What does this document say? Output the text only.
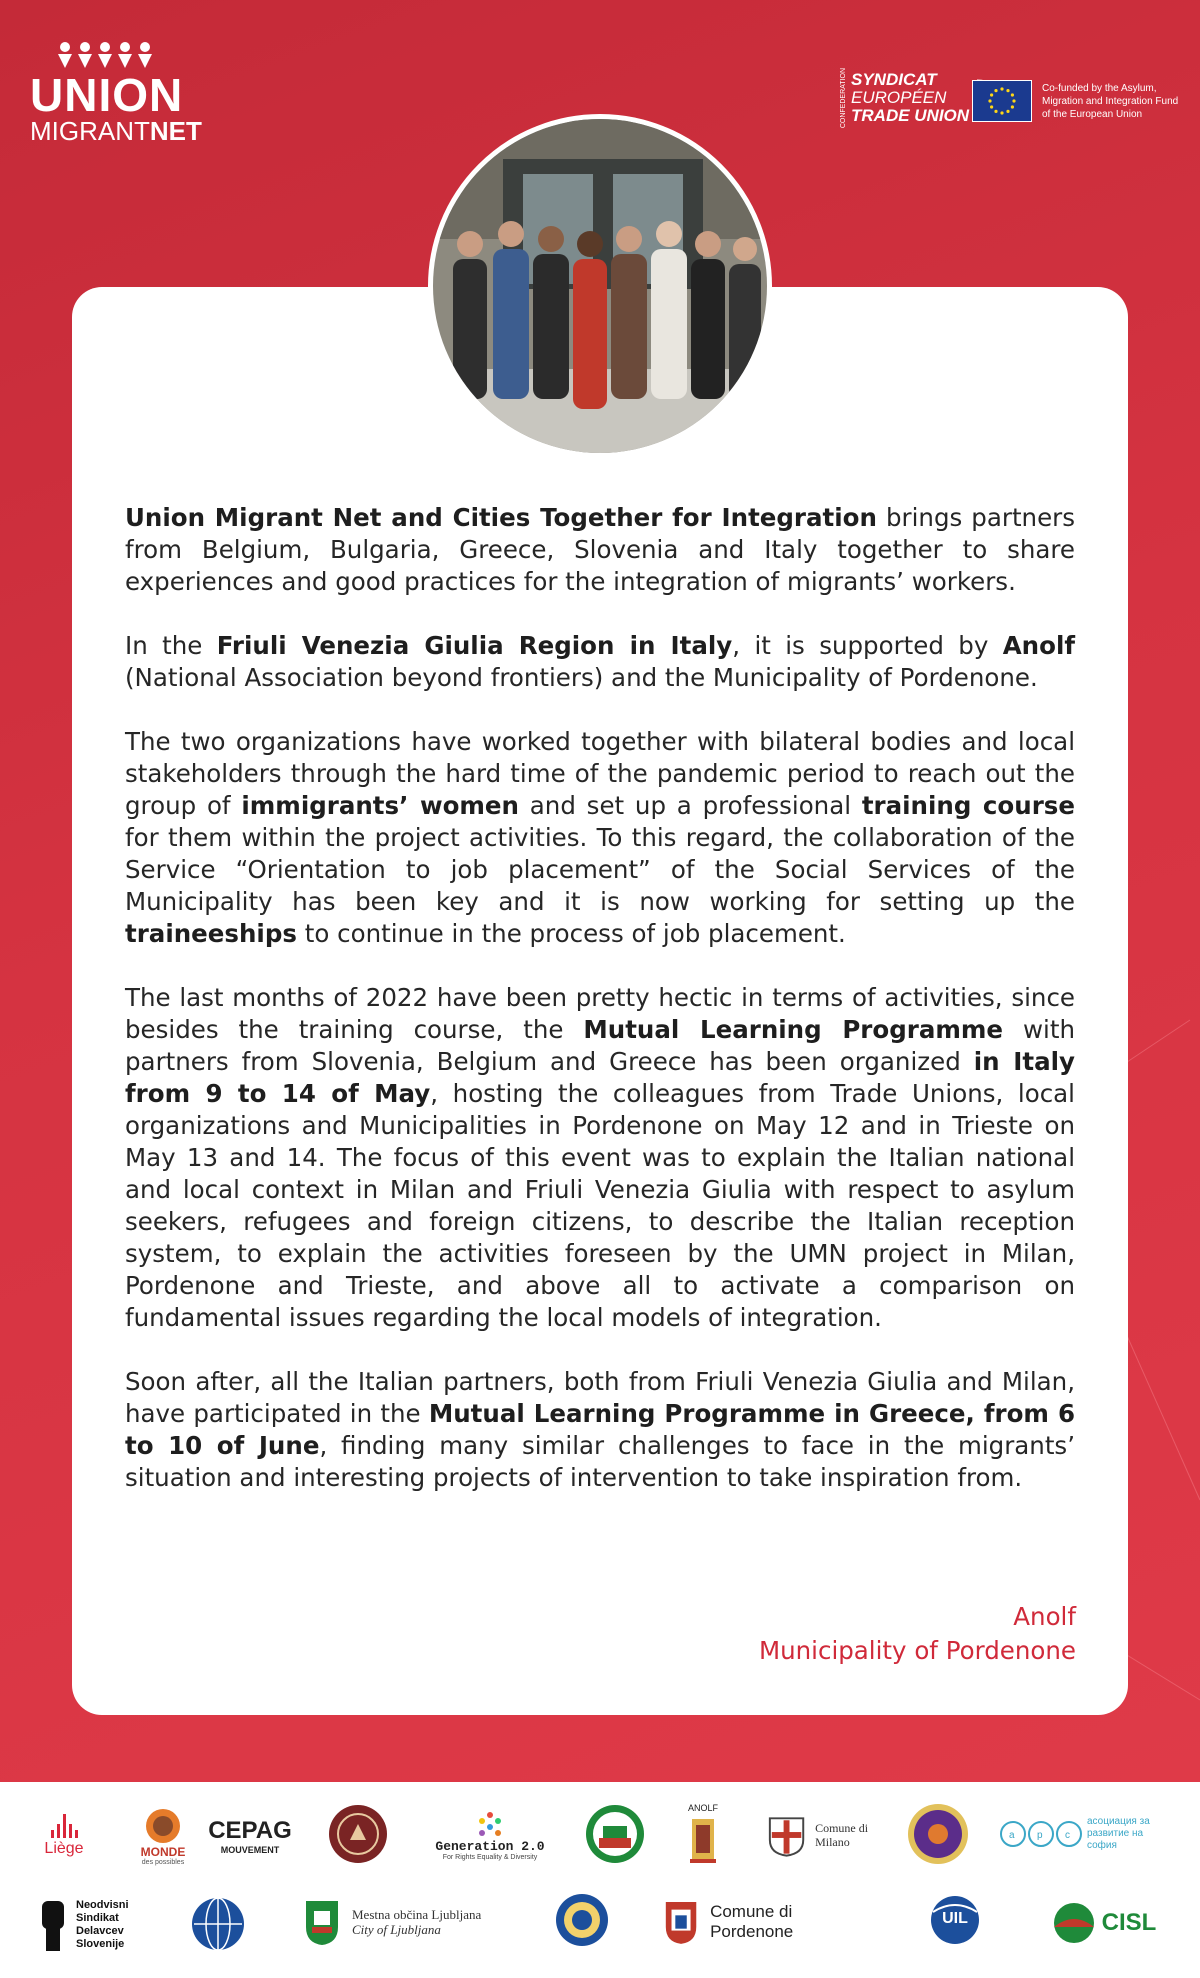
UNION
MIGRANTNET
CONFEDERATION SYNDICAT
EUROPÉEN
TRADE UNION
Co-funded by the Asylum, Migration and Integration Fund of the European Union

Union Migrant Net and Cities Together for Integration brings partners from Belgium, Bulgaria, Greece, Slovenia and Italy together to share experiences and good practices for the integration of migrants’ workers.

In the Friuli Venezia Giulia Region in Italy, it is supported by Anolf (National Association beyond frontiers) and the Municipality of Pordenone.

The two organizations have worked together with bilateral bodies and local stakeholders through the hard time of the pandemic period to reach out the group of immigrants’ women and set up a professional training course for them within the project activities. To this regard, the collaboration of the Service “Orientation to job placement” of the Social Services of the Municipality has been key and it is now working for setting up the traineeships to continue in the process of job placement.

The last months of 2022 have been pretty hectic in terms of activities, since besides the training course, the Mutual Learning Programme with partners from Slovenia, Belgium and Greece has been organized in Italy from 9 to 14 of May, hosting the colleagues from Trade Unions, local organizations and Municipalities in Pordenone on May 12 and in Trieste on May 13 and 14. The focus of this event was to explain the Italian national and local context in Milan and Friuli Venezia Giulia with respect to asylum seekers, refugees and foreign citizens, to describe the Italian reception system, to explain the activities foreseen by the UMN project in Milan, Pordenone and Trieste, and above all to activate a comparison on fundamental issues regarding the local models of integration.

Soon after, all the Italian partners, both from Friuli Venezia Giulia and Milan, have participated in the Mutual Learning Programme in Greece, from 6 to 10 of June, finding many similar challenges to face in the migrants’ situation and interesting projects of intervention to take inspiration from.

Anolf
Municipality of Pordenone
Liège	MONDE
des possibles
CEPAG
MOUVEMENT	Generation 2.0
For Rights Equality & Diversity
ANOLF
Comune di Milano	a p c
асоциация за развитие на софия
Neodvisni
Sindikat
Delavcev
Slovenije
Mestna občina Ljubljana
City of Ljubljana
Comune di Pordenone
UIL	CISL
